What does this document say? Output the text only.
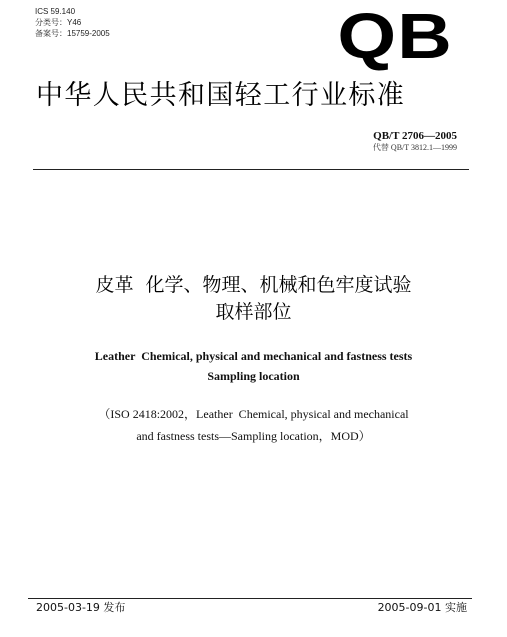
ICS 59.140
分类号：Y46
备案号：15759-2005	QB
中华人民共和国轻工行业标准
QB/T 2706—2005
代替 QB/T 3812.1—1999
皮革  化学、物理、机械和色牢度试验
取样部位
Leather  Chemical, physical and mechanical and fastness tests
Sampling location
（ISO 2418:2002，Leather  Chemical, physical and mechanical
and fastness tests—Sampling location，MOD）
2005-03-19 发布	2005-09-01 实施
